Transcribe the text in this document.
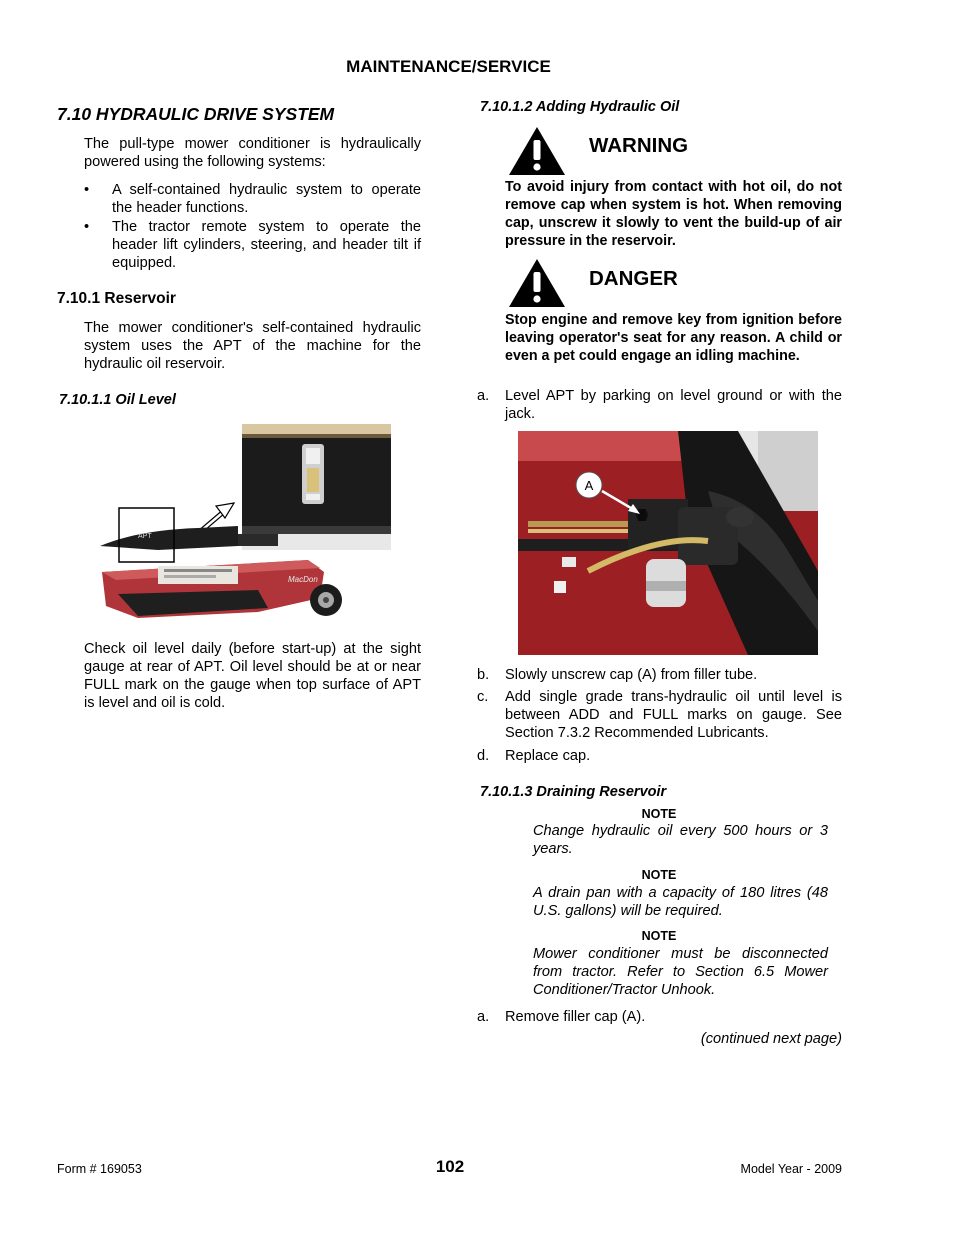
MAINTENANCE/SERVICE
7.10 HYDRAULIC DRIVE SYSTEM
The pull-type mower conditioner is hydraulically powered using the following systems:
• A self-contained hydraulic system to operate the header functions.
• The tractor remote system to operate the header lift cylinders, steering, and header tilt if equipped.
7.10.1 Reservoir
The mower conditioner's self-contained hydraulic system uses the APT of the machine for the hydraulic oil reservoir.
7.10.1.1 Oil Level
MacDon
APT
Check oil level daily (before start-up) at the sight gauge at rear of APT. Oil level should be at or near FULL mark on the gauge when top surface of APT is level and oil is cold.
7.10.1.2 Adding Hydraulic Oil
WARNING
To avoid injury from contact with hot oil, do not remove cap when system is hot. When removing cap, unscrew it slowly to vent the build-up of air pressure in the reservoir.
DANGER
Stop engine and remove key from ignition before leaving operator's seat for any reason. A child or even a pet could engage an idling machine.
a. Level APT by parking on level ground or with the jack.
A
b. Slowly unscrew cap (A) from filler tube.
c. Add single grade trans-hydraulic oil until level is between ADD and FULL marks on gauge. See Section 7.3.2 Recommended Lubricants.
d. Replace cap.
7.10.1.3 Draining Reservoir
NOTE
Change hydraulic oil every 500 hours or 3 years.
NOTE
A drain pan with a capacity of 180 litres (48 U.S. gallons) will be required.
NOTE
Mower conditioner must be disconnected from tractor. Refer to Section 6.5 Mower Conditioner/Tractor Unhook.
a. Remove filler cap (A).
(continued next page)
Form # 169053	102	Model Year - 2009
